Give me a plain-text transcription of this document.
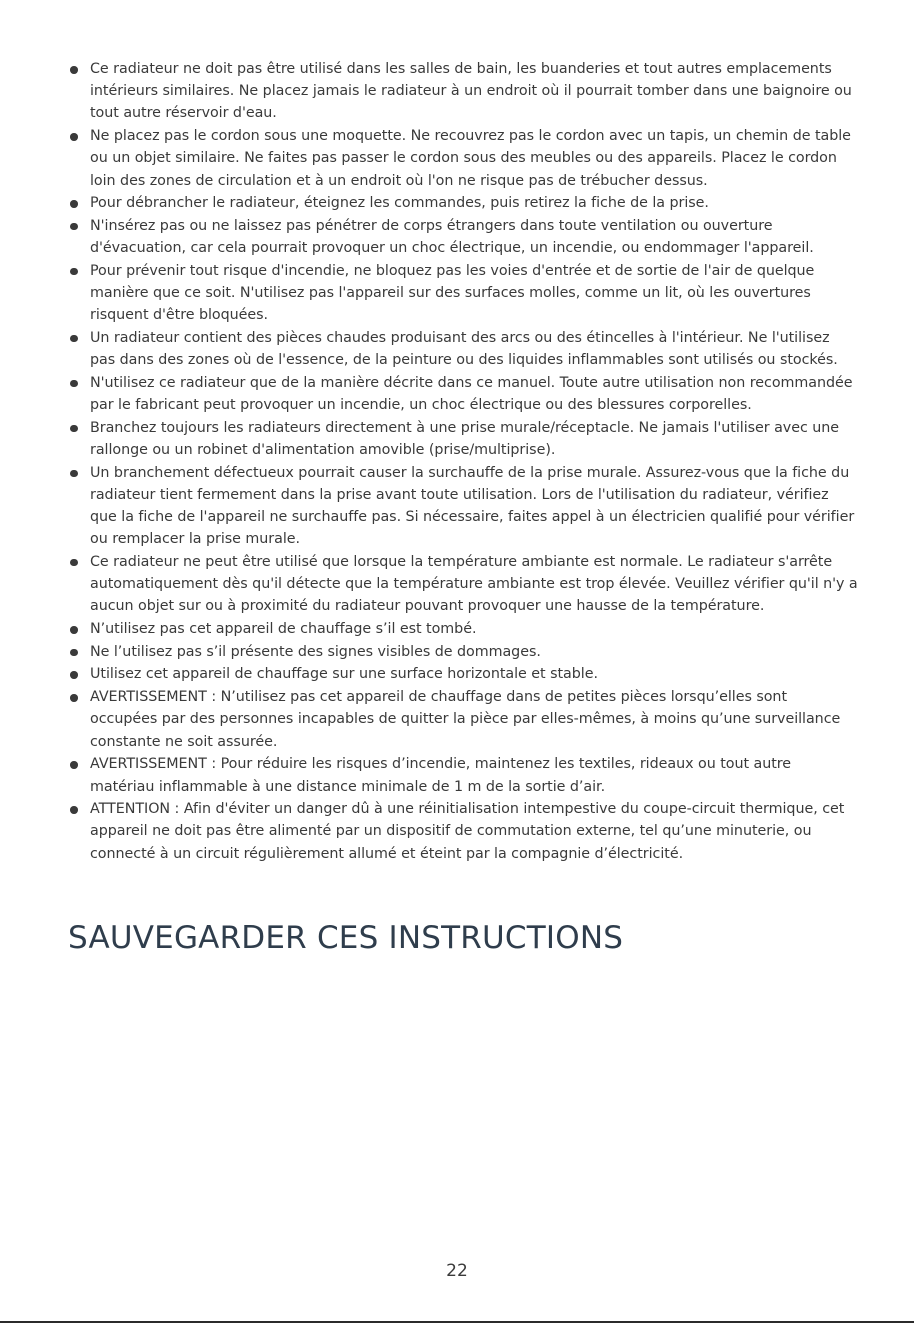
Ce radiateur ne doit pas être utilisé dans les salles de bain, les buanderies et tout autres emplacements intérieurs similaires. Ne placez jamais le radiateur à un endroit où il pourrait tomber dans une baignoire ou tout autre réservoir d'eau.
Ne placez pas le cordon sous une moquette. Ne recouvrez pas le cordon avec un tapis, un chemin de table ou un objet similaire. Ne faites pas passer le cordon sous des meubles ou des appareils. Placez le cordon loin des zones de circulation et à un endroit où l'on ne risque pas de trébucher dessus.
Pour débrancher le radiateur, éteignez les commandes, puis retirez la fiche de la prise.
N'insérez pas ou ne laissez pas pénétrer de corps étrangers dans toute ventilation ou ouverture d'évacuation, car cela pourrait provoquer un choc électrique, un incendie, ou endommager l'appareil.
Pour prévenir tout risque d'incendie, ne bloquez pas les voies d'entrée et de sortie de l'air de quelque manière que ce soit. N'utilisez pas l'appareil sur des surfaces molles, comme un lit, où les ouvertures risquent d'être bloquées.
Un radiateur contient des pièces chaudes produisant des arcs ou des étincelles à l'intérieur. Ne l'utilisez pas dans des zones où de l'essence, de la peinture ou des liquides inflammables sont utilisés ou stockés.
N'utilisez ce radiateur que de la manière décrite dans ce manuel. Toute autre utilisation non recommandée par le fabricant peut provoquer un incendie, un choc électrique ou des blessures corporelles.
Branchez toujours les radiateurs directement à une prise murale/réceptacle. Ne jamais l'utiliser avec une rallonge ou un robinet d'alimentation amovible (prise/multiprise).
Un branchement défectueux pourrait causer la surchauffe de la prise murale. Assurez-vous que la fiche du radiateur tient fermement dans la prise avant toute utilisation. Lors de l'utilisation du radiateur, vérifiez que la fiche de l'appareil ne surchauffe pas. Si nécessaire, faites appel à un électricien qualifié pour vérifier ou remplacer la prise murale.
Ce radiateur ne peut être utilisé que lorsque la température ambiante est normale. Le radiateur s'arrête automatiquement dès qu'il détecte que la température ambiante est trop élevée. Veuillez vérifier qu'il n'y a aucun objet sur ou à proximité du radiateur pouvant provoquer une hausse de la température.
N’utilisez pas cet appareil de chauffage s’il est tombé.
Ne l’utilisez pas s’il présente des signes visibles de dommages.
Utilisez cet appareil de chauffage sur une surface horizontale et stable.
AVERTISSEMENT : N’utilisez pas cet appareil de chauffage dans de petites pièces lorsqu’elles sont occupées par des personnes incapables de quitter la pièce par elles-mêmes, à moins qu’une surveillance constante ne soit assurée.
AVERTISSEMENT : Pour réduire les risques d’incendie, maintenez les textiles, rideaux ou tout autre matériau inflammable à une distance minimale de 1 m de la sortie d’air.
ATTENTION : Afin d'éviter un danger dû à une réinitialisation intempestive du coupe-circuit thermique, cet appareil ne doit pas être alimenté par un dispositif de commutation externe, tel qu’une minuterie, ou connecté à un circuit régulièrement allumé et éteint par la compagnie d’électricité.
SAUVEGARDER CES INSTRUCTIONS
22
